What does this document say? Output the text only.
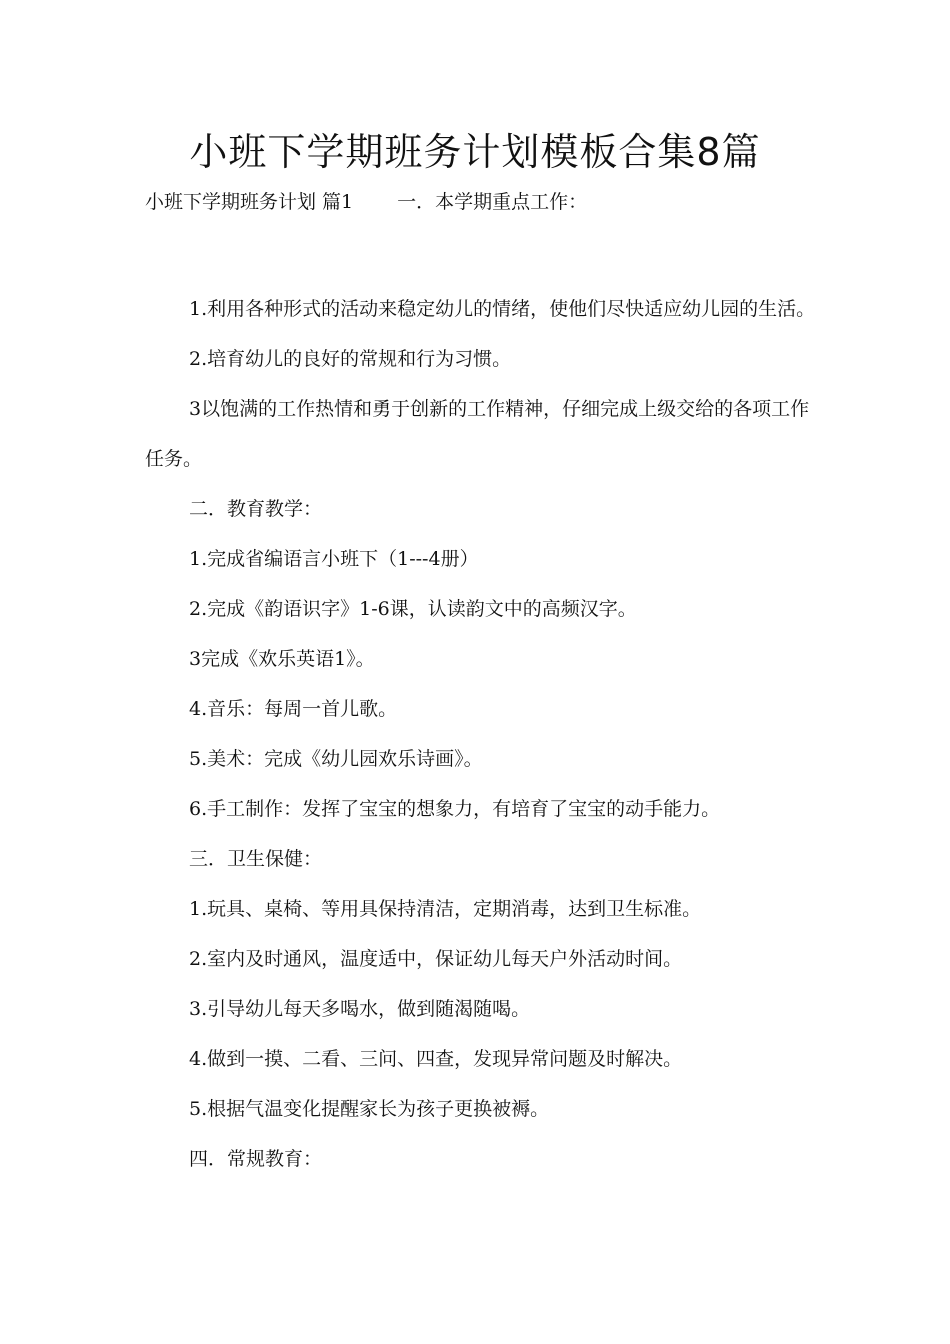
小班下学期班务计划模板合集8篇
小班下学期班务计划 篇1 一．本学期重点工作：

1.利用各种形式的活动来稳定幼儿的情绪，使他们尽快适应幼儿园的生活。

2.培育幼儿的良好的常规和行为习惯。

3以饱满的工作热情和勇于创新的工作精神，仔细完成上级交给的各项工作任务。

二．教育教学：

1.完成省编语言小班下（1---4册）

2.完成《韵语识字》1-6课，认读韵文中的高频汉字。

3完成《欢乐英语1》。

4.音乐：每周一首儿歌。

5.美术：完成《幼儿园欢乐诗画》。

6.手工制作：发挥了宝宝的想象力，有培育了宝宝的动手能力。

三．卫生保健：

1.玩具、桌椅、等用具保持清洁，定期消毒，达到卫生标准。

2.室内及时通风，温度适中，保证幼儿每天户外活动时间。

3.引导幼儿每天多喝水，做到随渴随喝。

4.做到一摸、二看、三问、四查，发现异常问题及时解决。

5.根据气温变化提醒家长为孩子更换被褥。

四．常规教育：
